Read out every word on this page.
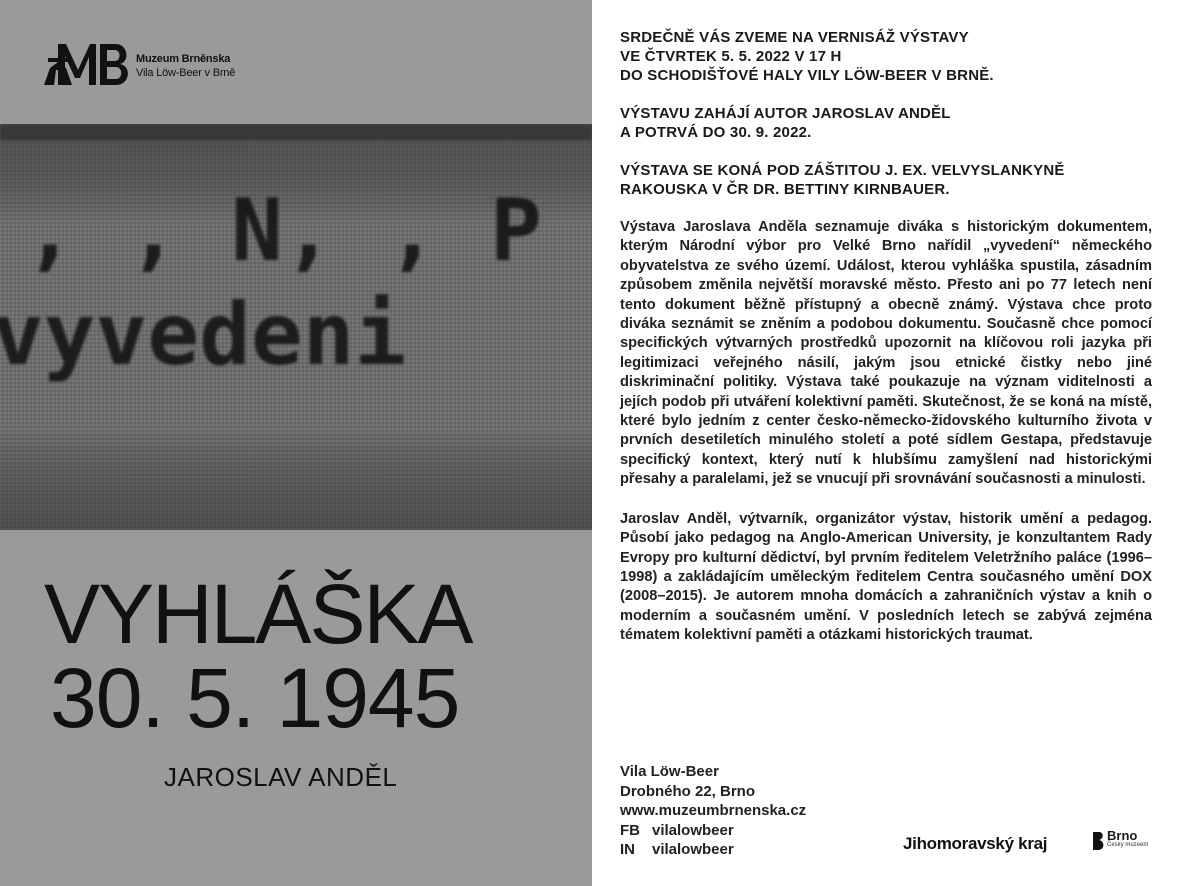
Muzeum Brněnska
Vila Löw-Beer v Brně
VYHLÁŠKA
30. 5. 1945
JAROSLAV ANDĚL
SRDEČNĚ VÁS ZVEME NA VERNISÁŽ VÝSTAVY
VE ČTVRTEK 5. 5. 2022 V 17 H
DO SCHODIŠŤOVÉ HALY VILY LÖW-BEER V BRNĚ.
VÝSTAVU ZAHÁJÍ AUTOR JAROSLAV ANDĚL
A POTRVÁ DO 30. 9. 2022.
VÝSTAVA SE KONÁ POD ZÁŠTITOU J. EX. VELVYSLANKYNĚ
RAKOUSKA V ČR DR. BETTINY KIRNBAUER.

Výstava Jaroslava Anděla seznamuje diváka s historickým dokumentem, kterým Národní výbor pro Velké Brno nařídil „vyvedení“ německého obyvatelstva ze svého území. Událost, kterou vyhláška spustila, zásadním způsobem změnila největší moravské město. Přesto ani po 77 letech není tento dokument běžně přístupný a obecně známý. Výstava chce proto diváka seznámit se zněním a podobou dokumentu. Současně chce pomocí specifických výtvarných prostředků upozornit na klíčovou roli jazyka při legitimizaci veřejného násilí, jakým jsou etnické čistky nebo jiné diskriminační politiky. Výstava také poukazuje na význam viditelnosti a jejích podob při utváření kolektivní paměti. Skutečnost, že se koná na místě, které bylo jedním z center česko-německo-židovského kulturního života v prvních desetiletích minulého století a poté sídlem Gestapa, představuje specifický kontext, který nutí k hlubšímu zamyšlení nad historickými přesahy a paralelami, jež se vnucují při srovnávání současnosti a minulosti.

Jaroslav Anděl, výtvarník, organizátor výstav, historik umění a pedagog. Působí jako pedagog na Anglo-American University, je konzultantem Rady Evropy pro kulturní dědictví, byl prvním ředitelem Veletržního paláce (1996–1998) a zakládajícím uměleckým ředitelem Centra současného umění DOX (2008–2015). Je autorem mnoha domácích a zahraničních výstav a knih o moderním a současném umění. V posledních letech se zabývá zejména tématem kolektivní paměti a otázkami historických traumat.

Vila Löw-Beer
Drobného 22, Brno
www.muzeumbrnenska.cz
FB vilalowbeer
IN vilalowbeer	Jihomoravský kraj	Brno
Česky muzeem
